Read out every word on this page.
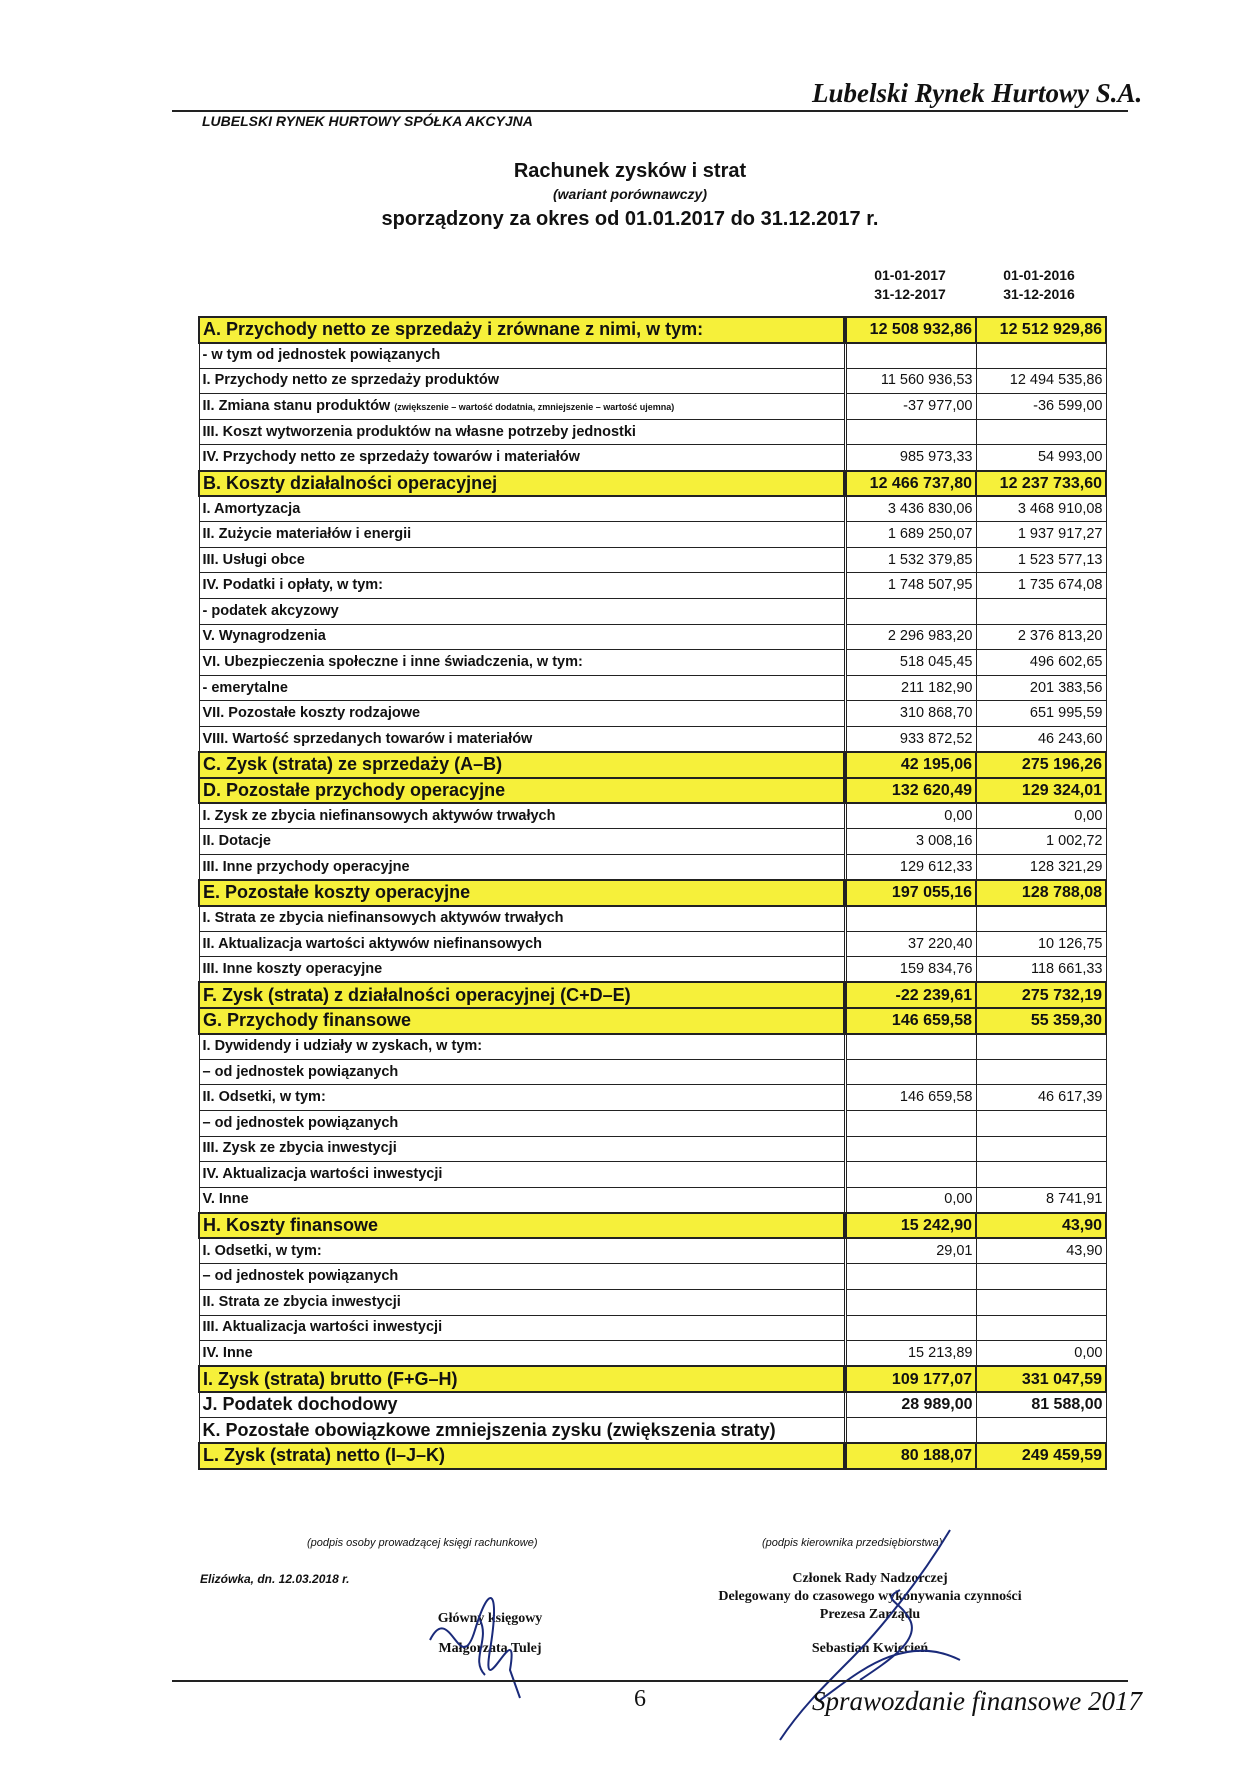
Lubelski Rynek Hurtowy S.A.
LUBELSKI RYNEK HURTOWY SPÓŁKA AKCYJNA
Rachunek zysków i strat
(wariant porównawczy)
sporządzony za okres od 01.01.2017 do 31.12.2017 r.
01-01-2017
31-12-2017
01-01-2016
31-12-2016
A. Przychody netto ze sprzedaży i zrównane z nimi, w tym:		12 508 932,86	12 512 929,86
- w tym od jednostek powiązanych			
I. Przychody netto ze sprzedaży produktów		11 560 936,53	12 494 535,86
II. Zmiana stanu produktów (zwiększenie – wartość dodatnia, zmniejszenie – wartość ujemna)		-37 977,00	-36 599,00
III. Koszt wytworzenia produktów na własne potrzeby jednostki			
IV. Przychody netto ze sprzedaży towarów i materiałów		985 973,33	54 993,00
B. Koszty działalności operacyjnej		12 466 737,80	12 237 733,60
I. Amortyzacja		3 436 830,06	3 468 910,08
II. Zużycie materiałów i energii		1 689 250,07	1 937 917,27
III. Usługi obce		1 532 379,85	1 523 577,13
IV. Podatki i opłaty, w tym:		1 748 507,95	1 735 674,08
- podatek akcyzowy			
V. Wynagrodzenia		2 296 983,20	2 376 813,20
VI. Ubezpieczenia społeczne i inne świadczenia, w tym:		518 045,45	496 602,65
- emerytalne		211 182,90	201 383,56
VII. Pozostałe koszty rodzajowe		310 868,70	651 995,59
VIII. Wartość sprzedanych towarów i materiałów		933 872,52	46 243,60
C. Zysk (strata) ze sprzedaży (A–B)		42 195,06	275 196,26
D. Pozostałe przychody operacyjne		132 620,49	129 324,01
I. Zysk ze zbycia niefinansowych aktywów trwałych		0,00	0,00
II. Dotacje		3 008,16	1 002,72
III. Inne przychody operacyjne		129 612,33	128 321,29
E. Pozostałe koszty operacyjne		197 055,16	128 788,08
I. Strata ze zbycia niefinansowych aktywów trwałych			
II. Aktualizacja wartości aktywów niefinansowych		37 220,40	10 126,75
III. Inne koszty operacyjne		159 834,76	118 661,33
F. Zysk (strata) z działalności operacyjnej (C+D–E)		-22 239,61	275 732,19
G. Przychody finansowe		146 659,58	55 359,30
I. Dywidendy i udziały w zyskach, w tym:			
– od jednostek powiązanych			
II. Odsetki, w tym:		146 659,58	46 617,39
– od jednostek powiązanych			
III. Zysk ze zbycia inwestycji			
IV. Aktualizacja wartości inwestycji			
V. Inne		0,00	8 741,91
H. Koszty finansowe		15 242,90	43,90
I. Odsetki, w tym:		29,01	43,90
– od jednostek powiązanych			
II. Strata ze zbycia inwestycji			
III. Aktualizacja wartości inwestycji			
IV. Inne		15 213,89	0,00
I. Zysk (strata) brutto (F+G–H)		109 177,07	331 047,59
J. Podatek dochodowy		28 989,00	81 588,00
K. Pozostałe obowiązkowe zmniejszenia zysku (zwiększenia straty)			
L. Zysk (strata) netto (I–J–K)		80 188,07	249 459,59
(podpis osoby prowadzącej księgi rachunkowe)	(podpis kierownika przedsiębiorstwa)
Elizówka, dn. 12.03.2018 r.
Główny księgowy
Małgorzata Tulej
Członek Rady Nadzorczej
Delegowany do czasowego wykonywania czynności
Prezesa Zarządu
Sebastian Kwiecień
6	Sprawozdanie finansowe 2017
